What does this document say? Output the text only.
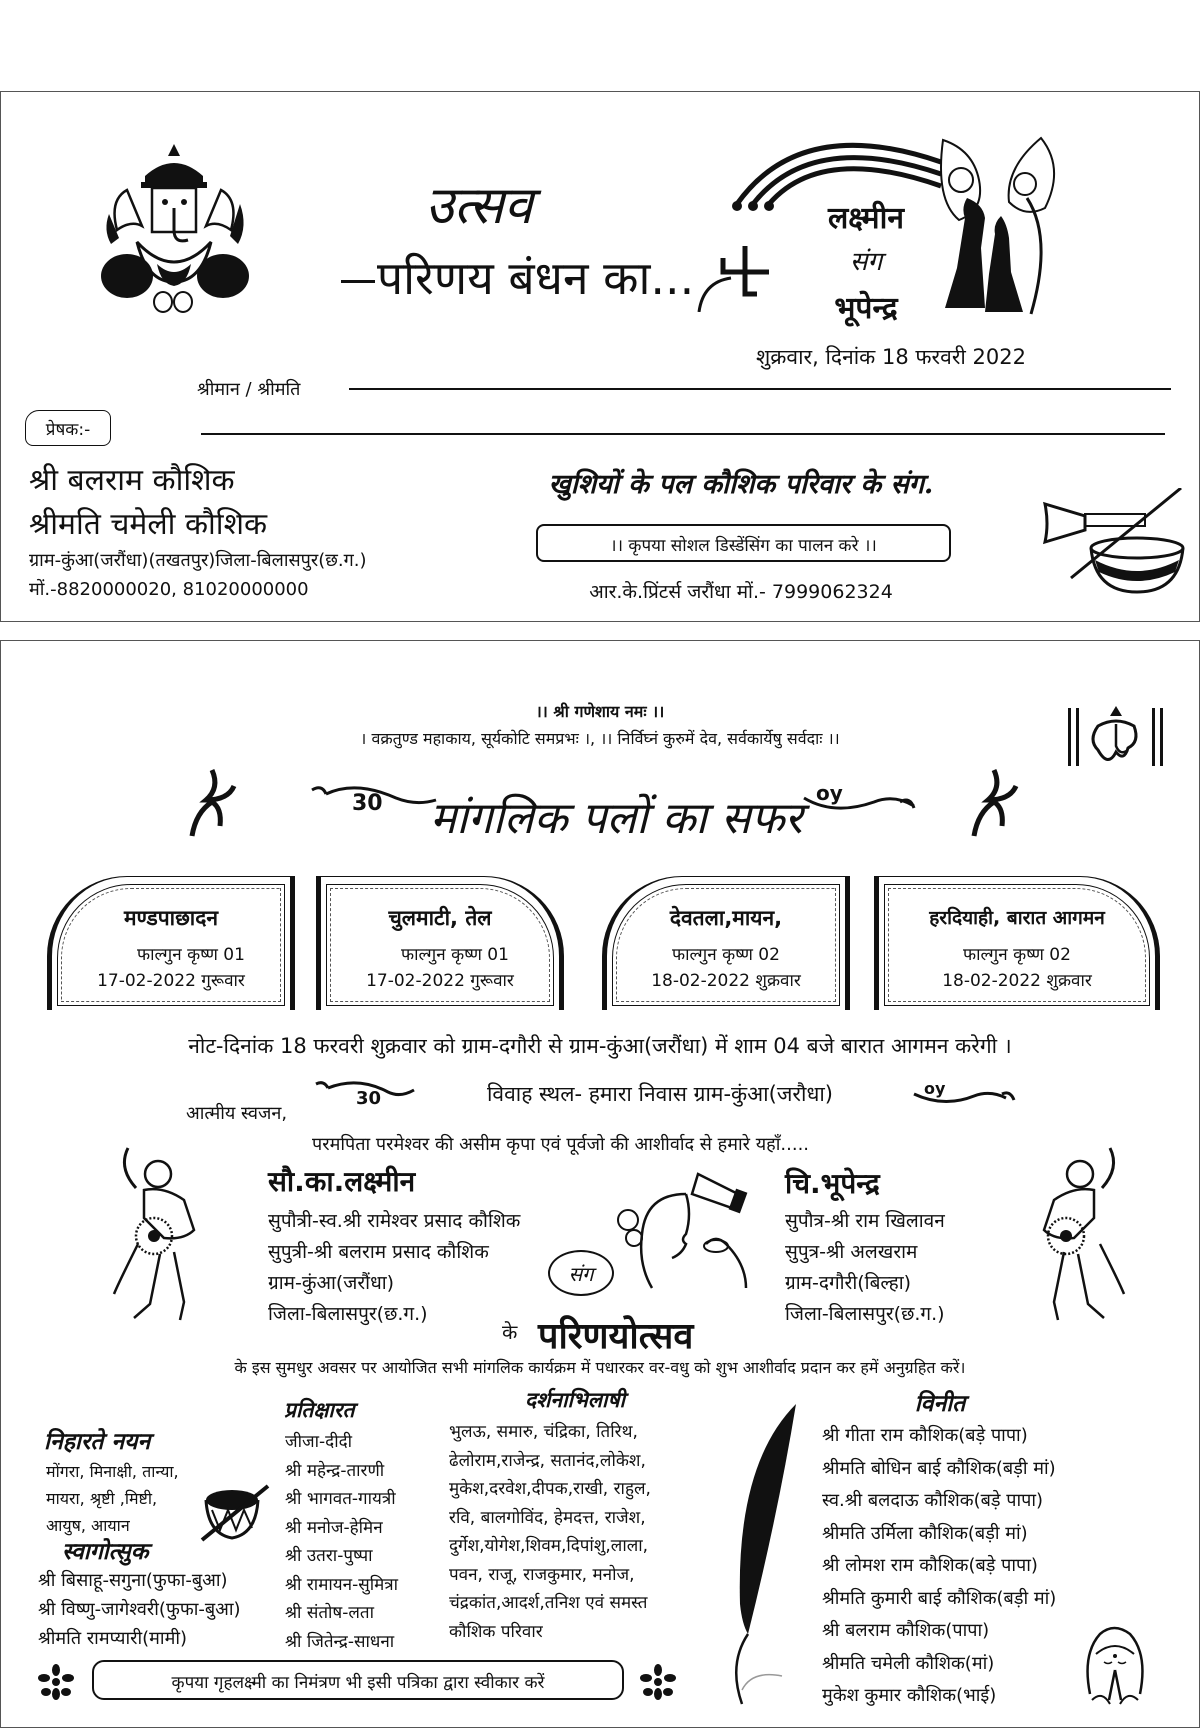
उत्सव
परिणय बंधन का...
लक्ष्मीन
संग
भूपेन्द्र
शुक्रवार, दिनांक 18 फरवरी 2022
श्रीमान / श्रीमति
प्रेषक:-
श्री बलराम कौशिक
श्रीमति चमेली कौशिक
ग्राम-कुंआ(जरौंधा)(तखतपुर)जिला-बिलासपुर(छ.ग.)
मों.-8820000020, 81020000000
खुशियों के पल कौशिक परिवार के संग.
।। कृपया सोशल डिस्डेंसिंग का पालन करे ।।
आर.के.प्रिंटर्स जरौंधा मों.- 7999062324
।। श्री गणेशाय नमः ।।
। वक्रतुण्ड महाकाय, सूर्यकोटि समप्रभः ।, ।। निर्विघ्नं कुरुमें देव, सर्वकार्येषु सर्वदाः ।।
30 मांगलिक पलों का सफर oy
मण्डपाछादन
फाल्गुन कृष्ण 01
17-02-2022 गुरूवार
चुलमाटी, तेल
फाल्गुन कृष्ण 01
17-02-2022 गुरूवार
देवतला,मायन,
फाल्गुन कृष्ण 02
18-02-2022 शुक्रवार
हरदियाही, बारात आगमन
फाल्गुन कृष्ण 02
18-02-2022 शुक्रवार
नोट-दिनांक 18 फरवरी शुक्रवार को ग्राम-दगौरी से ग्राम-कुंआ(जरौंधा) में शाम 04 बजे बारात आगमन करेगी ।
30	विवाह स्थल- हमारा निवास ग्राम-कुंआ(जरौधा)	oy
आत्मीय स्वजन,
परमपिता परमेश्वर की असीम कृपा एवं पूर्वजो की आशीर्वाद से हमारे यहाँ.....
सौ.का.लक्ष्मीन
सुपौत्री-स्व.श्री रामेश्वर प्रसाद कौशिक
सुपुत्री-श्री बलराम प्रसाद कौशिक
ग्राम-कुंआ(जरौंधा)
जिला-बिलासपुर(छ.ग.)
संग
चि.भूपेन्द्र
सुपौत्र-श्री राम खिलावन
सुपुत्र-श्री अलखराम
ग्राम-दगौरी(बिल्हा)
जिला-बिलासपुर(छ.ग.)
के परिणयोत्सव
के इस सुमधुर अवसर पर आयोजित सभी मांगलिक कार्यक्रम में पधारकर वर-वधु को शुभ आशीर्वाद प्रदान कर हमें अनुग्रहित करें।
निहारते नयन
मोंगरा, मिनाक्षी, तान्या,
मायरा, श्रृष्टी ,मिष्टी,
आयुष, आयान
स्वागोत्सुक
श्री बिसाहू-सगुना(फुफा-बुआ)
श्री विष्णु-जागेश्वरी(फुफा-बुआ)
श्रीमति रामप्यारी(मामी)
प्रतिक्षारत
जीजा-दीदी
श्री महेन्द्र-तारणी
श्री भागवत-गायत्री
श्री मनोज-हेमिन
श्री उतरा-पुष्पा
श्री रामायन-सुमित्रा
श्री संतोष-लता
श्री जितेन्द्र-साधना
दर्शनाभिलाषी
भुलऊ, समारु, चंद्रिका, तिरिथ,
ढेलोराम,राजेन्द्र, सतानंद,लोकेश,
मुकेश,दरवेश,दीपक,राखी, राहुल,
रवि, बालगोविंद, हेमदत्त, राजेश,
दुर्गेश,योगेश,शिवम,दिपांशु,लाला,
पवन, राजू, राजकुमार, मनोज,
चंद्रकांत,आदर्श,तनिश एवं समस्त
कौशिक परिवार
विनीत
श्री गीता राम कौशिक(बड़े पापा)
श्रीमति बोधिन बाई कौशिक(बड़ी मां)
स्व.श्री बलदाऊ कौशिक(बड़े पापा)
श्रीमति उर्मिला कौशिक(बड़ी मां)
श्री लोमश राम कौशिक(बड़े पापा)
श्रीमति कुमारी बाई कौशिक(बड़ी मां)
श्री बलराम कौशिक(पापा)
श्रीमति चमेली कौशिक(मां)
मुकेश कुमार कौशिक(भाई)
कृपया गृहलक्ष्मी का निमंत्रण भी इसी पत्रिका द्वारा स्वीकार करें
